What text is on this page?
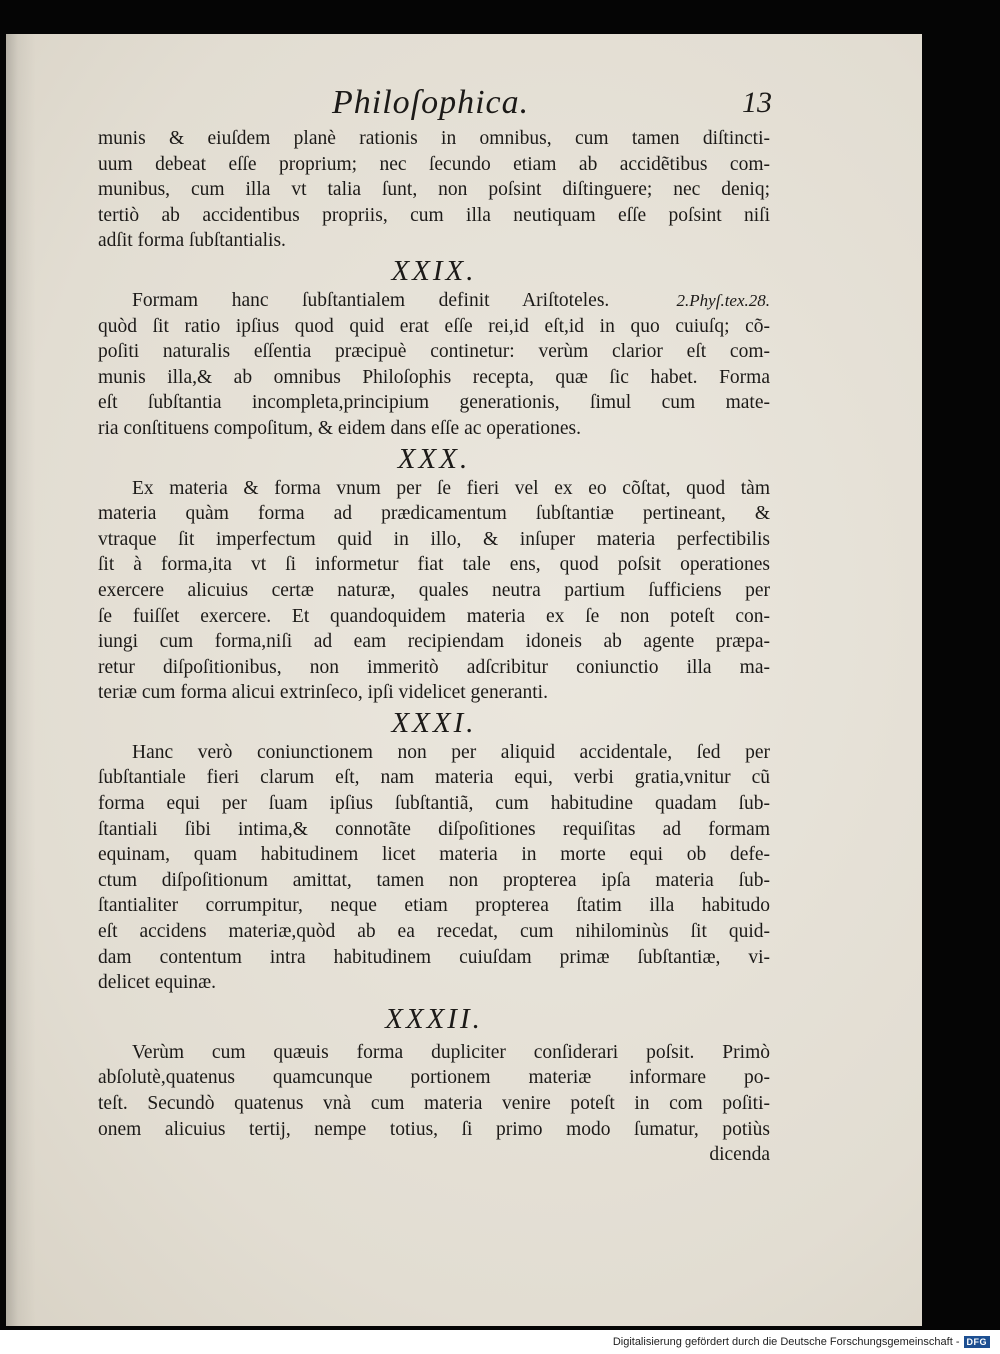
Philoſophica.	13
munis & eiuſdem planè rationis in omnibus, cum tamen diſtincti-
uum debeat eſſe proprium; nec ſecundo etiam ab accidẽtibus com-
munibus, cum illa vt talia ſunt, non poſsint diſtinguere; nec deniq;
tertiò ab accidentibus propriis, cum illa neutiquam eſſe poſsint niſi
adſit forma ſubſtantialis.
XXIX.
Formam hanc ſubſtantialem definit Ariſtoteles.	2.Phyſ.tex.28.
quòd ſit ratio ipſius quod quid erat eſſe rei,id eſt,id in quo cuiuſq; cõ-
poſiti naturalis eſſentia præcipuè continetur: verùm clarior eſt com-
munis illa,& ab omnibus Philoſophis recepta, quæ ſic habet. Forma
eſt ſubſtantia incompleta,principium generationis, ſimul cum mate-
ria conſtituens compoſitum, & eidem dans eſſe ac operationes.
XXX.
Ex materia & forma vnum per ſe fieri vel ex eo cõſtat, quod tàm
materia quàm forma ad prædicamentum ſubſtantiæ pertineant, &
vtraque ſit imperfectum quid in illo, & inſuper materia perfectibilis
ſit à forma,ita vt ſi informetur fiat tale ens, quod poſsit operationes
exercere alicuius certæ naturæ, quales neutra partium ſufficiens per
ſe fuiſſet exercere. Et quandoquidem materia ex ſe non poteſt con-
iungi cum forma,niſi ad eam recipiendam idoneis ab agente præpa-
retur diſpoſitionibus, non immeritò adſcribitur coniunctio illa ma-
teriæ cum forma alicui extrinſeco, ipſi videlicet generanti.
XXXI.
Hanc verò coniunctionem non per aliquid accidentale, ſed per
ſubſtantiale fieri clarum eſt, nam materia equi, verbi gratia,vnitur cũ
forma equi per ſuam ipſius ſubſtantiã, cum habitudine quadam ſub-
ſtantiali ſibi intima,& connotãte diſpoſitiones requiſitas ad formam
equinam, quam habitudinem licet materia in morte equi ob defe-
ctum diſpoſitionum amittat, tamen non propterea ipſa materia ſub-
ſtantialiter corrumpitur, neque etiam propterea ſtatim illa habitudo
eſt accidens materiæ,quòd ab ea recedat, cum nihilominùs ſit quid-
dam contentum intra habitudinem cuiuſdam primæ ſubſtantiæ, vi-
delicet equinæ.
XXXII.
Verùm cum quæuis forma dupliciter conſiderari poſsit. Primò
abſolutè,quatenus quamcunque portionem materiæ informare po-
teſt. Secundò quatenus vnà cum materia venire poteſt in com poſiti-
onem alicuius tertij, nempe totius, ſi primo modo ſumatur, potiùs
dicenda
Digitalisierung gefördert durch die Deutsche Forschungsgemeinschaft - DFG
